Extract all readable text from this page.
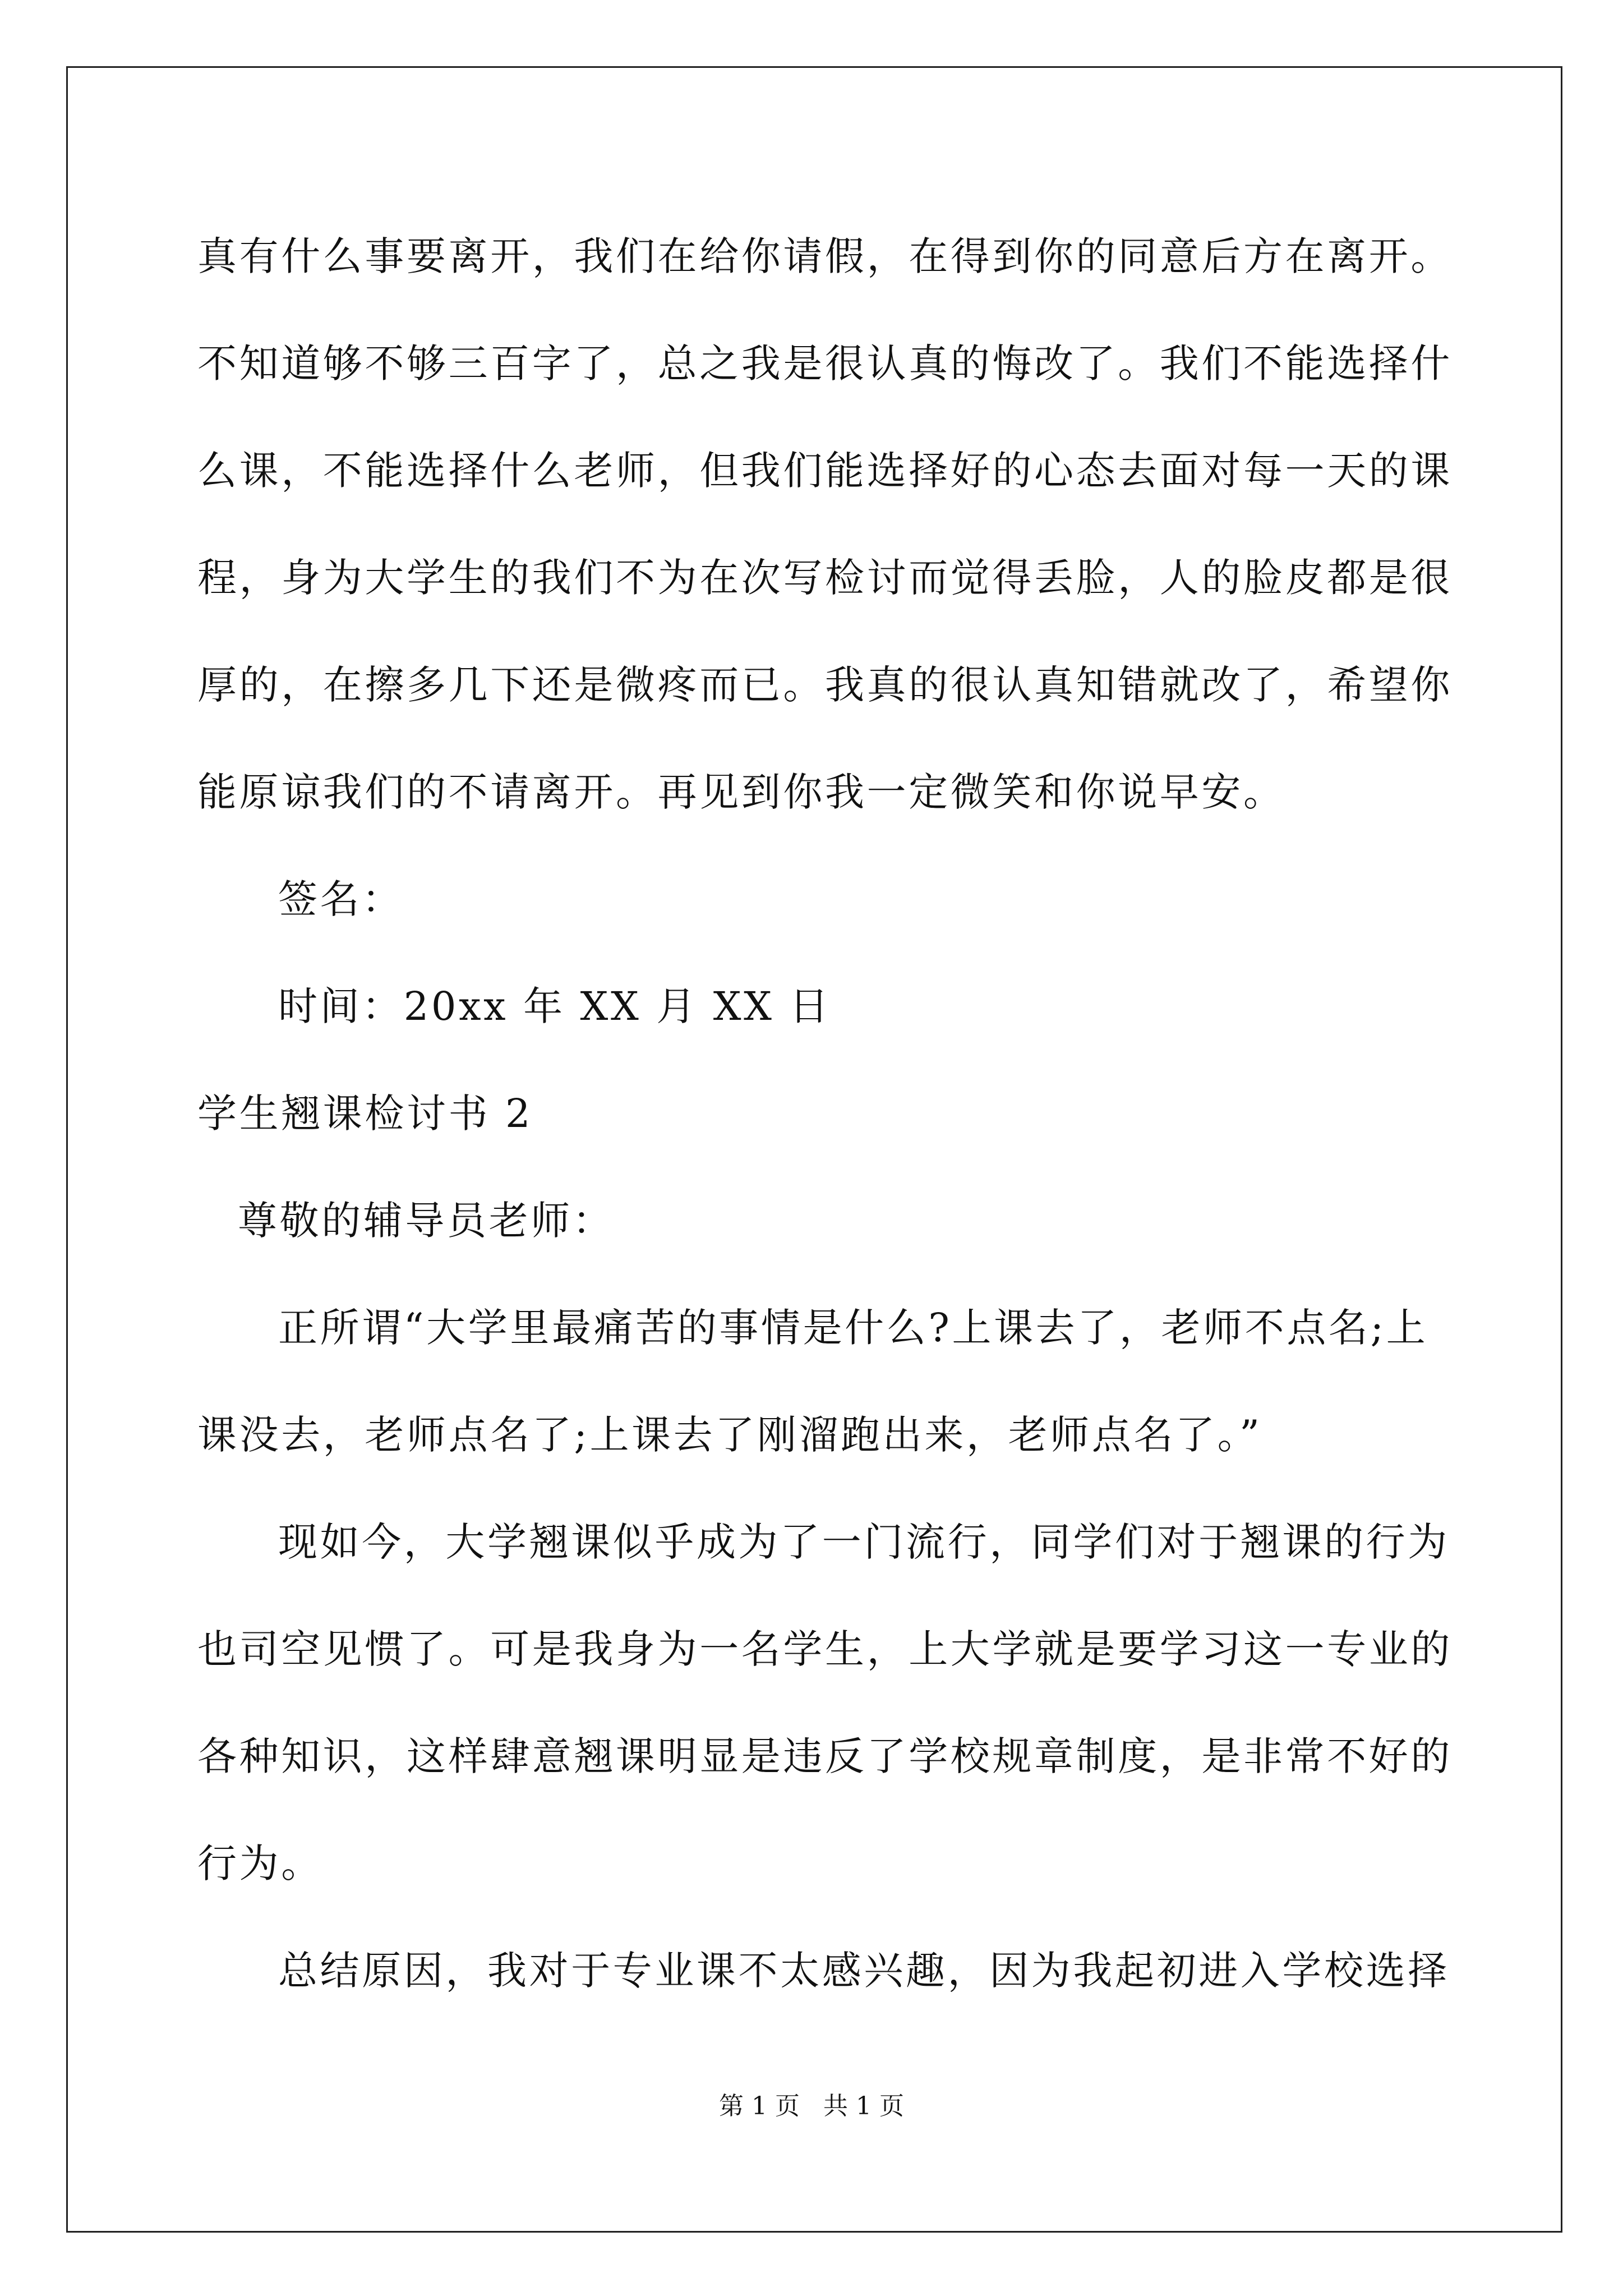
真有什么事要离开，我们在给你请假，在得到你的同意后方在离开。
不知道够不够三百字了，总之我是很认真的悔改了。我们不能选择什
么课，不能选择什么老师，但我们能选择好的心态去面对每一天的课
程，身为大学生的我们不为在次写检讨而觉得丢脸，人的脸皮都是很
厚的，在擦多几下还是微疼而已。我真的很认真知错就改了，希望你
能原谅我们的不请离开。再见到你我一定微笑和你说早安。
签名：
时间：20xx 年 XX 月 XX 日
学生翘课检讨书 2
尊敬的辅导员老师：
正所谓“大学里最痛苦的事情是什么?上课去了，老师不点名;上
课没去，老师点名了;上课去了刚溜跑出来，老师点名了。”
现如今，大学翘课似乎成为了一门流行，同学们对于翘课的行为
也司空见惯了。可是我身为一名学生，上大学就是要学习这一专业的
各种知识，这样肆意翘课明显是违反了学校规章制度，是非常不好的
行为。
总结原因，我对于专业课不太感兴趣，因为我起初进入学校选择
第 1 页   共 1 页
